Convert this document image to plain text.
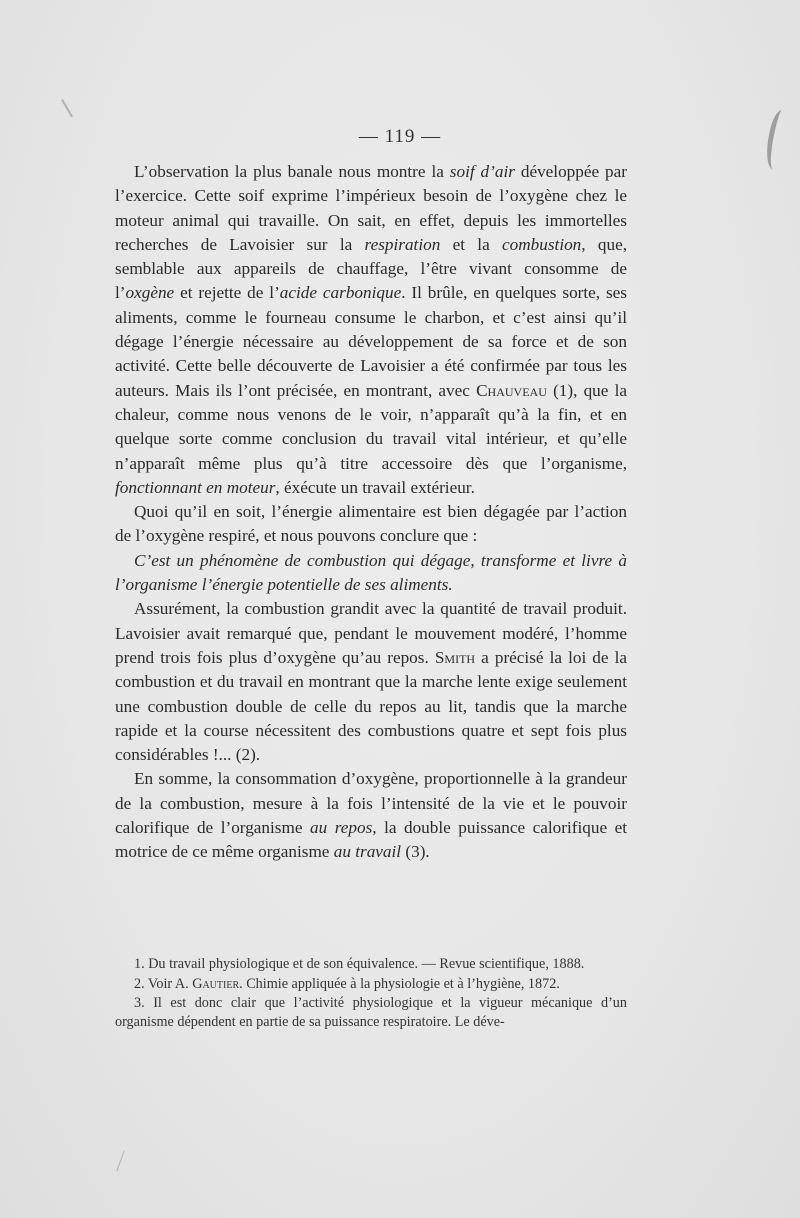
— 119 —

L’observation la plus banale nous montre la soif d’air développée par l’exercice. Cette soif exprime l’impérieux besoin de l’oxygène chez le moteur animal qui travaille. On sait, en effet, depuis les immortelles recherches de Lavoisier sur la respiration et la combustion, que, semblable aux appareils de chauffage, l’être vivant consomme de l’oxgène et rejette de l’acide carbonique. Il brûle, en quelques sorte, ses aliments, comme le fourneau consume le charbon, et c’est ainsi qu’il dégage l’énergie nécessaire au développement de sa force et de son activité. Cette belle découverte de Lavoisier a été confirmée par tous les auteurs. Mais ils l’ont précisée, en montrant, avec Chauveau (1), que la chaleur, comme nous venons de le voir, n’apparaît qu’à la fin, et en quelque sorte comme conclusion du travail vital intérieur, et qu’elle n’apparaît même plus qu’à titre accessoire dès que l’organisme, fonctionnant en moteur, éxécute un travail extérieur.

Quoi qu’il en soit, l’énergie alimentaire est bien dégagée par l’action de l’oxygène respiré, et nous pouvons conclure que :

C’est un phénomène de combustion qui dégage, transforme et livre à l’organisme l’énergie potentielle de ses aliments.

Assurément, la combustion grandit avec la quantité de travail produit. Lavoisier avait remarqué que, pendant le mouvement modéré, l’homme prend trois fois plus d’oxygène qu’au repos. Smith a précisé la loi de la combustion et du travail en montrant que la marche lente exige seulement une combustion double de celle du repos au lit, tandis que la marche rapide et la course nécessitent des combustions quatre et sept fois plus considérables !... (2).

En somme, la consommation d’oxygène, proportionnelle à la grandeur de la combustion, mesure à la fois l’intensité de la vie et le pouvoir calorifique de l’organisme au repos, la double puissance calorifique et motrice de ce même organisme au travail (3).

1. Du travail physiologique et de son équivalence. — Revue scientifique, 1888.

2. Voir A. Gautier. Chimie appliquée à la physiologie et à l’hygiène, 1872.

3. Il est donc clair que l’activité physiologique et la vigueur mécanique d’un organisme dépendent en partie de sa puissance respiratoire. Le déve-
